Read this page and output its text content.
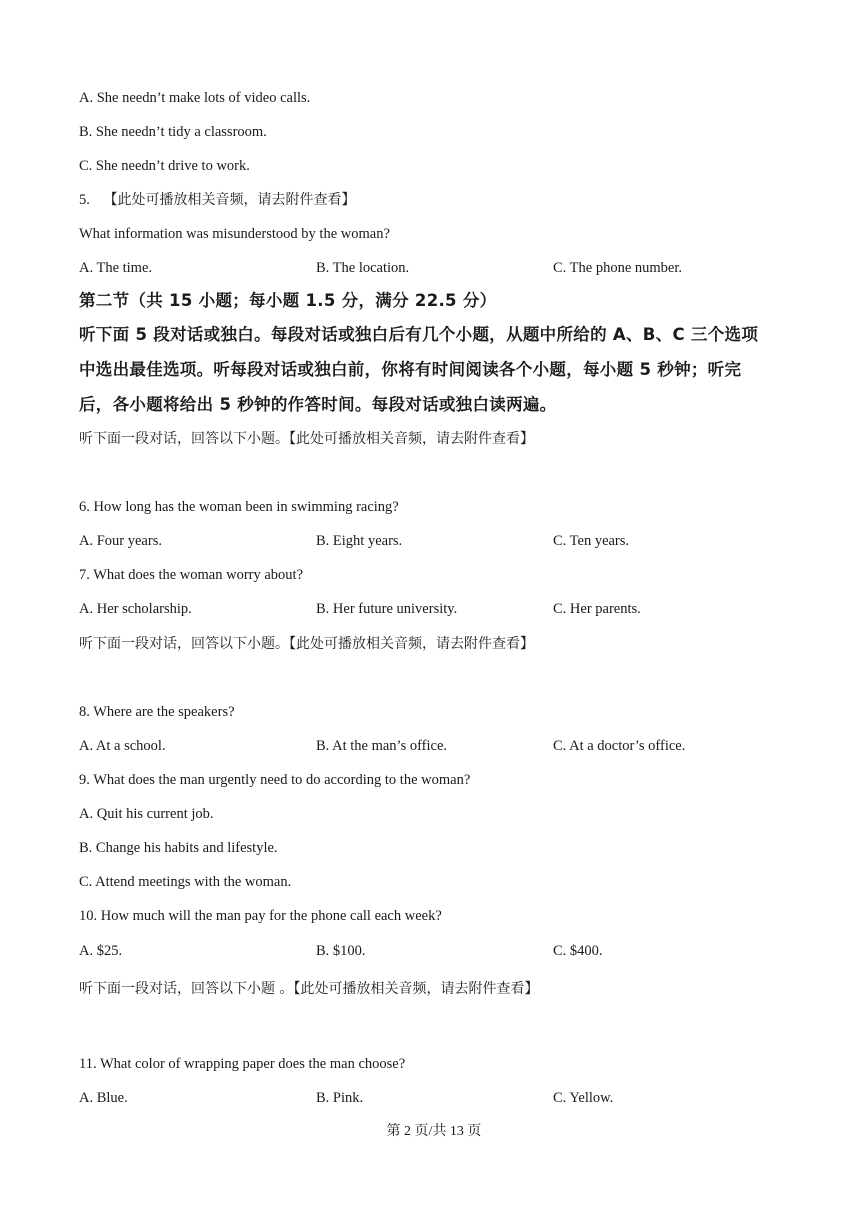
A. She needn’t make lots of video calls.
B. She needn’t tidy a classroom.
C. She needn’t drive to work.
5. 【此处可播放相关音频，请去附件查看】
What information was misunderstood by the woman?
A. The time.	B. The location.	C. The phone number.
第二节（共 15 小题；每小题 1.5 分，满分 22.5 分）
听下面 5 段对话或独白。每段对话或独白后有几个小题，从题中所给的 A、B、C 三个选项
中选出最佳选项。听每段对话或独白前，你将有时间阅读各个小题，每小题 5 秒钟；听完
后，各小题将给出 5 秒钟的作答时间。每段对话或独白读两遍。
听下面一段对话，回答以下小题。【此处可播放相关音频，请去附件查看】
6. How long has the woman been in swimming racing?
A. Four years.	B. Eight years.	C. Ten years.
7. What does the woman worry about?
A. Her scholarship.	B. Her future university.	C. Her parents.
听下面一段对话，回答以下小题。【此处可播放相关音频，请去附件查看】
8. Where are the speakers?
A. At a school.	B. At the man’s office.	C. At a doctor’s office.
9. What does the man urgently need to do according to the woman?
A. Quit his current job.
B. Change his habits and lifestyle.
C. Attend meetings with the woman.
10. How much will the man pay for the phone call each week?
A. $25.	B. $100.	C. $400.
听下面一段对话，回答以下小题 。【此处可播放相关音频，请去附件查看】
11. What color of wrapping paper does the man choose?
A. Blue.	B. Pink.	C. Yellow.
第 2 页/共 13 页
